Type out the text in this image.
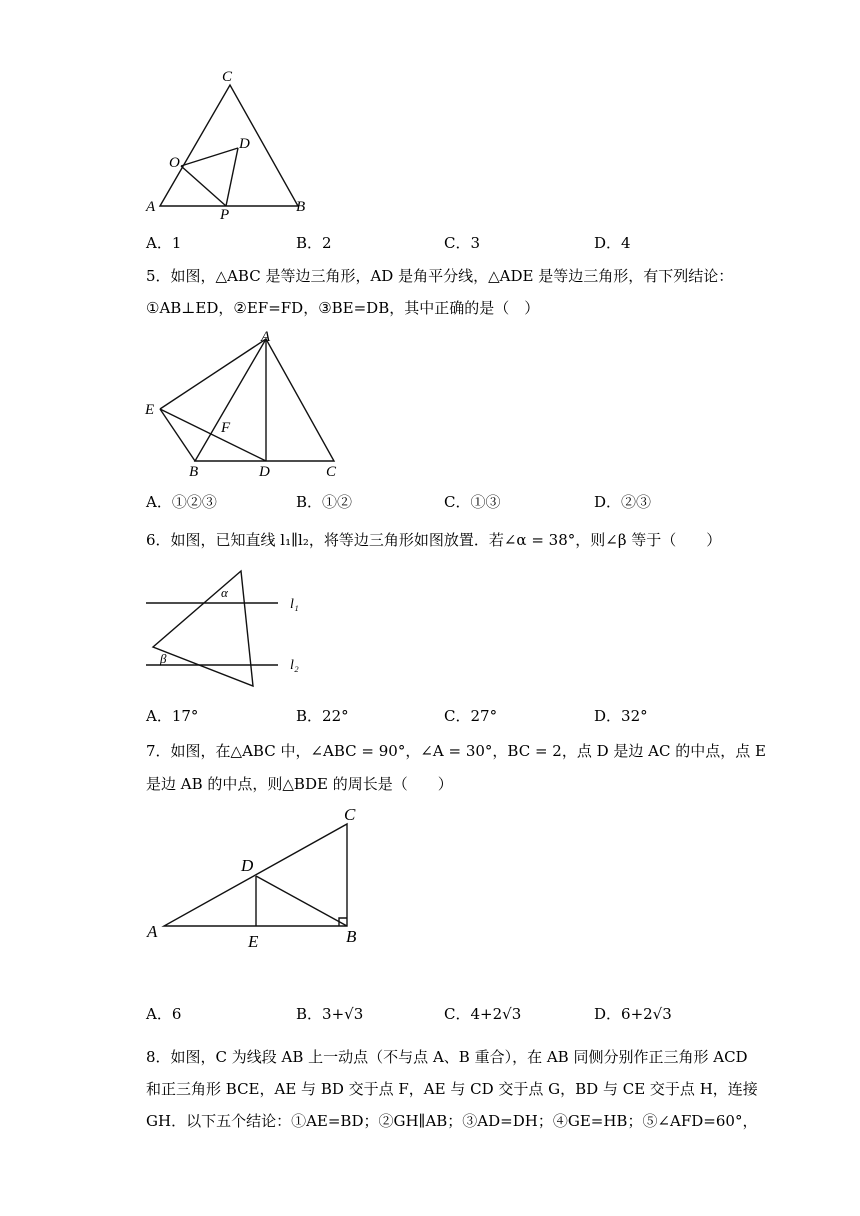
C
D
O
A	P	B
A．1	B．2	C．3	D．4
5．如图，△ABC 是等边三角形，AD 是角平分线，△ADE 是等边三角形，有下列结论：
①AB⊥ED，②EF=FD，③BE=DB，其中正确的是（　）
A
E
F
B	D	C
A．①②③	B．①②	C．①③	D．②③
6．如图，已知直线 l₁∥l₂，将等边三角形如图放置．若∠α = 38°，则∠β 等于（　　）
α
β
l₁
l₂
A．17°	B．22°	C．27°	D．32°
7．如图，在△ABC 中，∠ABC = 90°，∠A = 30°，BC = 2，点 D 是边 AC 的中点，点 E
是边 AB 的中点，则△BDE 的周长是（　　）
C
D
A
E	B
A．6	B．3+√3	C．4+2√3	D．6+2√3
8．如图，C 为线段 AB 上一动点（不与点 A、B 重合），在 AB 同侧分别作正三角形 ACD
和正三角形 BCE，AE 与 BD 交于点 F，AE 与 CD 交于点 G，BD 与 CE 交于点 H，连接
GH．以下五个结论：①AE=BD；②GH∥AB；③AD=DH；④GE=HB；⑤∠AFD=60°，
